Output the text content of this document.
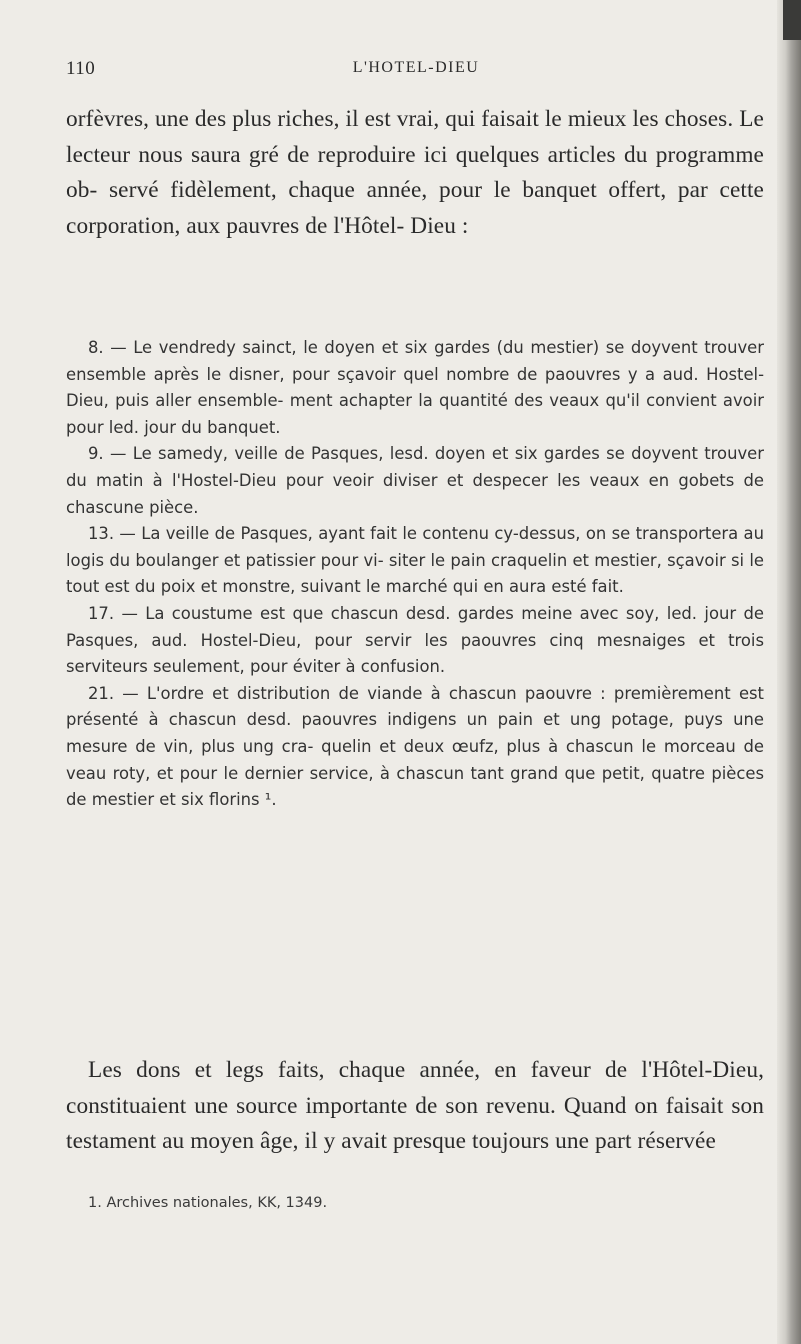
110	L'HOTEL-DIEU
orfèvres, une des plus riches, il est vrai, qui faisait le mieux les choses. Le lecteur nous saura gré de reproduire ici quelques articles du programme ob- servé fidèlement, chaque année, pour le banquet offert, par cette corporation, aux pauvres de l'Hôtel- Dieu :

8. — Le vendredy sainct, le doyen et six gardes (du mestier) se doyvent trouver ensemble après le disner, pour sçavoir quel nombre de paouvres y a aud. Hostel-Dieu, puis aller ensemble- ment achapter la quantité des veaux qu'il convient avoir pour led. jour du banquet.

9. — Le samedy, veille de Pasques, lesd. doyen et six gardes se doyvent trouver du matin à l'Hostel-Dieu pour veoir diviser et despecer les veaux en gobets de chascune pièce.

13. — La veille de Pasques, ayant fait le contenu cy-dessus, on se transportera au logis du boulanger et patissier pour vi- siter le pain craquelin et mestier, sçavoir si le tout est du poix et monstre, suivant le marché qui en aura esté fait.

17. — La coustume est que chascun desd. gardes meine avec soy, led. jour de Pasques, aud. Hostel-Dieu, pour servir les paouvres cinq mesnaiges et trois serviteurs seulement, pour éviter à confusion.

21. — L'ordre et distribution de viande à chascun paouvre : premièrement est présenté à chascun desd. paouvres indigens un pain et ung potage, puys une mesure de vin, plus ung cra- quelin et deux œufz, plus à chascun le morceau de veau roty, et pour le dernier service, à chascun tant grand que petit, quatre pièces de mestier et six florins ¹.

Les dons et legs faits, chaque année, en faveur de l'Hôtel-Dieu, constituaient une source importante de son revenu. Quand on faisait son testament au moyen âge, il y avait presque toujours une part réservée
1. Archives nationales, KK, 1349.
